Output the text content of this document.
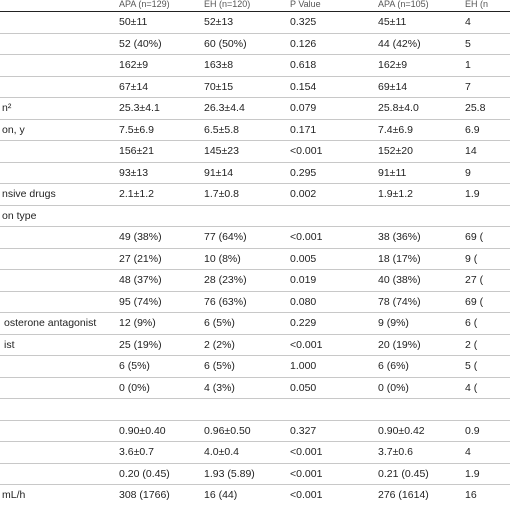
	APA (n=129)	EH (n=120)	P Value	APA (n=105)	EH (n
	50±11	52±13	0.325	45±11	4
	52 (40%)	60 (50%)	0.126	44 (42%)	5
	162±9	163±8	0.618	162±9	1
	67±14	70±15	0.154	69±14	7
n²	25.3±4.1	26.3±4.4	0.079	25.8±4.0	25.8
on, y	7.5±6.9	6.5±5.8	0.171	7.4±6.9	6.9
	156±21	145±23	<0.001	152±20	14
	93±13	91±14	0.295	91±11	9
nsive drugs	2.1±1.2	1.7±0.8	0.002	1.9±1.2	1.9
on type					
	49 (38%)	77 (64%)	<0.001	38 (36%)	69 (
	27 (21%)	10 (8%)	0.005	18 (17%)	9 (
	48 (37%)	28 (23%)	0.019	40 (38%)	27 (
	95 (74%)	76 (63%)	0.080	78 (74%)	69 (
osterone antagonist	12 (9%)	6 (5%)	0.229	9 (9%)	6 (
ist	25 (19%)	2 (2%)	<0.001	20 (19%)	2 (
	6 (5%)	6 (5%)	1.000	6 (6%)	5 (
	0 (0%)	4 (3%)	0.050	0 (0%)	4 (

	0.90±0.40	0.96±0.50	0.327	0.90±0.42	0.9
	3.6±0.7	4.0±0.4	<0.001	3.7±0.6	4
	0.20 (0.45)	1.93 (5.89)	<0.001	0.21 (0.45)	1.9
mL/h	308 (1766)	16 (44)	<0.001	276 (1614)	16
